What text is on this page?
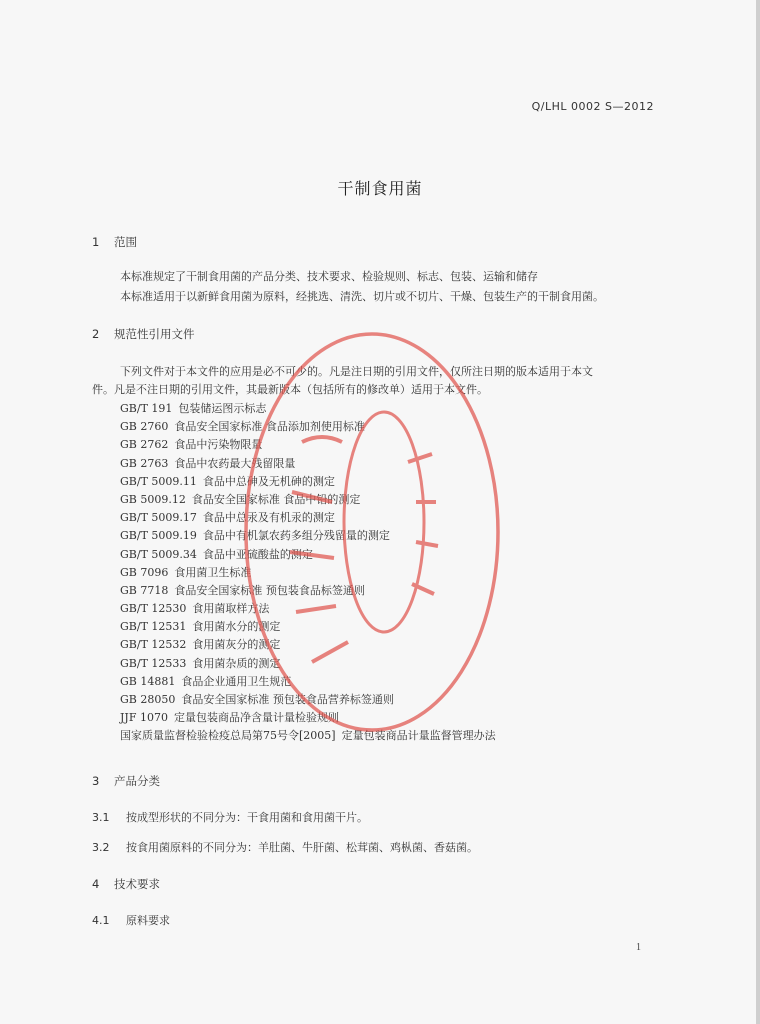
Q/LHL 0002 S—2012
干制食用菌
1 范围
本标准规定了干制食用菌的产品分类、技术要求、检验规则、标志、包装、运输和储存
本标准适用于以新鲜食用菌为原料，经挑选、清洗、切片或不切片、干燥、包装生产的干制食用菌。
2 规范性引用文件
下列文件对于本文件的应用是必不可少的。凡是注日期的引用文件，仅所注日期的版本适用于本文
件。凡是不注日期的引用文件，其最新版本（包括所有的修改单）适用于本文件。
GB/T 191 包装储运图示标志
GB 2760 食品安全国家标准 食品添加剂使用标准
GB 2762 食品中污染物限量
GB 2763 食品中农药最大残留限量
GB/T 5009.11 食品中总砷及无机砷的测定
GB 5009.12 食品安全国家标准 食品中铅的测定
GB/T 5009.17 食品中总汞及有机汞的测定
GB/T 5009.19 食品中有机氯农药多组分残留量的测定
GB/T 5009.34 食品中亚硫酸盐的测定
GB 7096 食用菌卫生标准
GB 7718 食品安全国家标准 预包装食品标签通则
GB/T 12530 食用菌取样方法
GB/T 12531 食用菌水分的测定
GB/T 12532 食用菌灰分的测定
GB/T 12533 食用菌杂质的测定
GB 14881 食品企业通用卫生规范
GB 28050 食品安全国家标准 预包装食品营养标签通则
JJF 1070 定量包装商品净含量计量检验规则
国家质量监督检验检疫总局第75号令[2005] 定量包装商品计量监督管理办法
3 产品分类
3.1 按成型形状的不同分为：干食用菌和食用菌干片。
3.2 按食用菌原料的不同分为：羊肚菌、牛肝菌、松茸菌、鸡枞菌、香菇菌。
4 技术要求
4.1 原料要求
1
